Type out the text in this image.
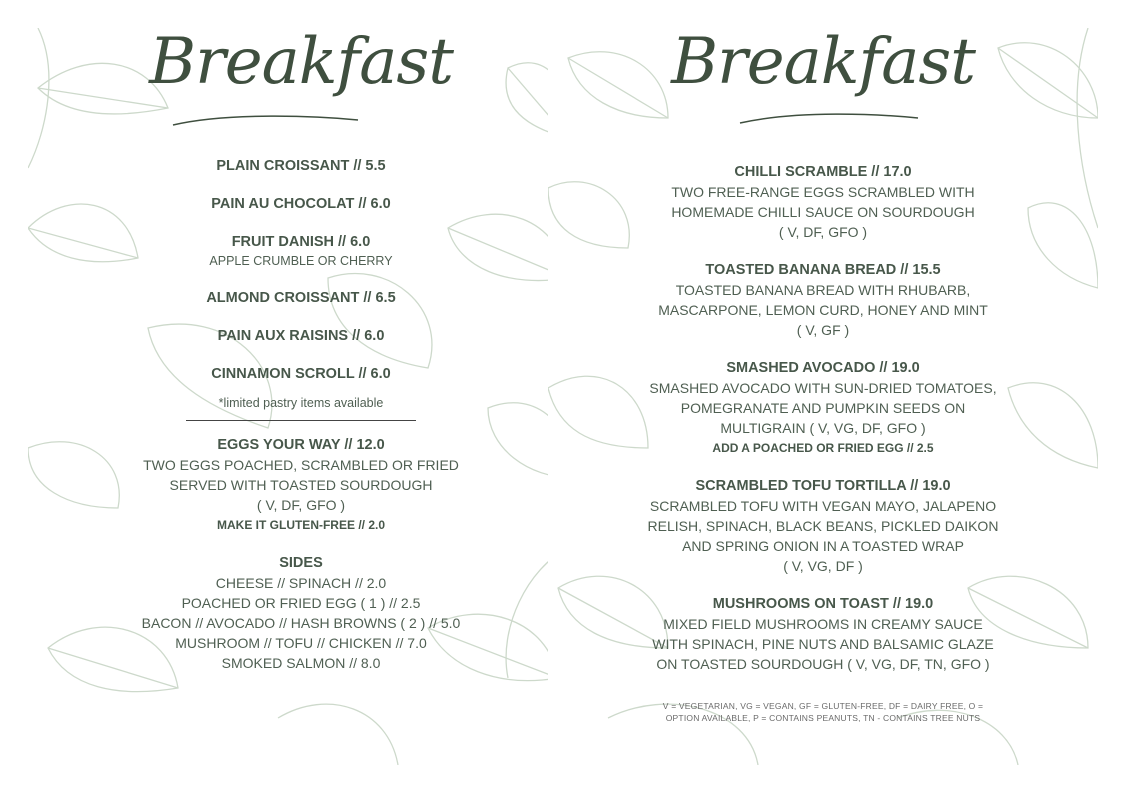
Breakfast
PLAIN CROISSANT // 5.5
PAIN AU CHOCOLAT // 6.0
FRUIT DANISH // 6.0
APPLE CRUMBLE OR CHERRY
ALMOND CROISSANT // 6.5
PAIN AUX RAISINS // 6.0
CINNAMON SCROLL // 6.0
*limited pastry items available
EGGS YOUR WAY // 12.0
TWO EGGS POACHED, SCRAMBLED OR FRIED
SERVED WITH TOASTED SOURDOUGH
( V, DF, GFO )
MAKE IT GLUTEN-FREE // 2.0
SIDES
CHEESE // SPINACH // 2.0
POACHED OR FRIED EGG ( 1 ) // 2.5
BACON // AVOCADO // HASH BROWNS ( 2 ) // 5.0
MUSHROOM // TOFU // CHICKEN // 7.0
SMOKED SALMON // 8.0
Breakfast
CHILLI SCRAMBLE // 17.0
TWO FREE-RANGE EGGS SCRAMBLED WITH
HOMEMADE CHILLI SAUCE ON SOURDOUGH
( V, DF, GFO )
TOASTED BANANA BREAD // 15.5
TOASTED BANANA BREAD WITH RHUBARB,
MASCARPONE, LEMON CURD, HONEY AND MINT
( V, GF )
SMASHED AVOCADO // 19.0
SMASHED AVOCADO WITH SUN-DRIED TOMATOES,
POMEGRANATE AND PUMPKIN SEEDS ON
MULTIGRAIN ( V, VG, DF, GFO )
ADD A POACHED OR FRIED EGG // 2.5
SCRAMBLED TOFU TORTILLA // 19.0
SCRAMBLED TOFU WITH VEGAN MAYO, JALAPENO
RELISH, SPINACH, BLACK BEANS, PICKLED DAIKON
AND SPRING ONION IN A TOASTED WRAP
( V, VG, DF )
MUSHROOMS ON TOAST // 19.0
MIXED FIELD MUSHROOMS IN CREAMY SAUCE
WITH SPINACH, PINE NUTS AND BALSAMIC GLAZE
ON TOASTED SOURDOUGH ( V, VG, DF, TN, GFO )
V = VEGETARIAN, VG = VEGAN, GF = GLUTEN-FREE, DF = DAIRY FREE, O =
OPTION AVAILABLE, P = CONTAINS PEANUTS, TN - CONTAINS TREE NUTS
